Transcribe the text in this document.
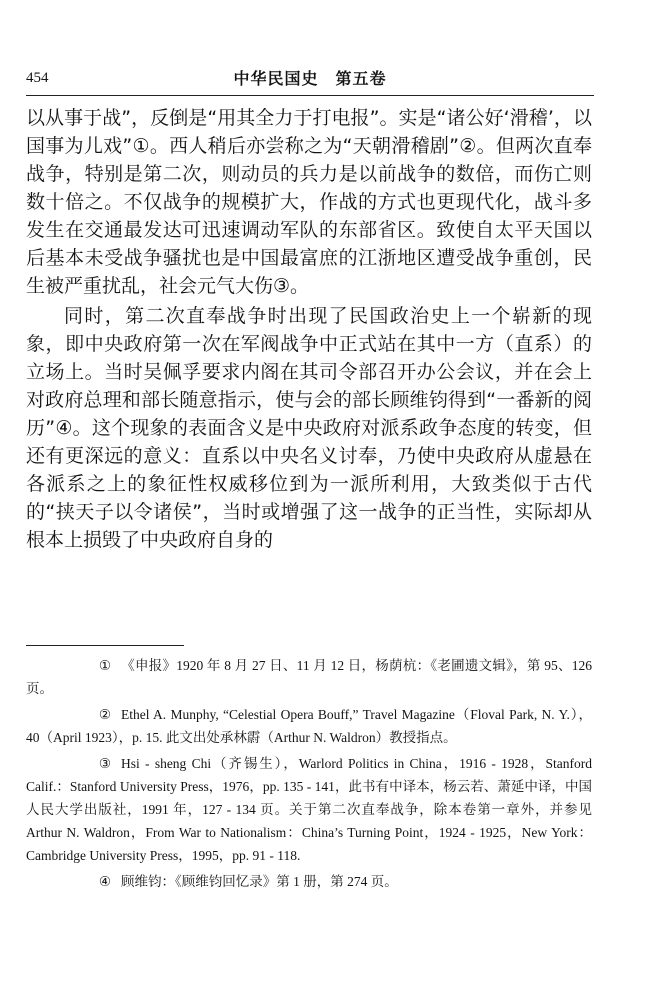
454	中华民国史　第五卷

以从事于战”，反倒是“用其全力于打电报”。实是“诸公好‘滑稽’，以国事为儿戏”①。西人稍后亦尝称之为“天朝滑稽剧”②。但两次直奉战争，特别是第二次，则动员的兵力是以前战争的数倍，而伤亡则数十倍之。不仅战争的规模扩大，作战的方式也更现代化，战斗多发生在交通最发达可迅速调动军队的东部省区。致使自太平天国以后基本未受战争骚扰也是中国最富庶的江浙地区遭受战争重创，民生被严重扰乱，社会元气大伤③。

同时，第二次直奉战争时出现了民国政治史上一个崭新的现象，即中央政府第一次在军阀战争中正式站在其中一方（直系）的立场上。当时吴佩孚要求内阁在其司令部召开办公会议，并在会上对政府总理和部长随意指示，使与会的部长顾维钧得到“一番新的阅历”④。这个现象的表面含义是中央政府对派系政争态度的转变，但还有更深远的意义：直系以中央名义讨奉，乃使中央政府从虚悬在各派系之上的象征性权威移位到为一派所利用，大致类似于古代的“挟天子以令诸侯”，当时或增强了这一战争的正当性，实际却从根本上损毁了中央政府自身的

① 《申报》1920 年 8 月 27 日、11 月 12 日，杨荫杭：《老圃遗文辑》，第 95、126 页。

② Ethel A. Munphy, “Celestial Opera Bouff,” Travel Magazine（Floval Park, N. Y.），40（April 1923），p. 15. 此文出处承林霨（Arthur N. Waldron）教授指点。

③ Hsi - sheng Chi（齐锡生），Warlord Politics in China，1916 - 1928，Stanford Calif.：Stanford University Press，1976，pp. 135 - 141，此书有中译本，杨云若、萧延中译，中国人民大学出版社，1991 年，127 - 134 页。关于第二次直奉战争，除本卷第一章外，并参见 Arthur N. Waldron，From War to Nationalism：China’s Turning Point，1924 - 1925，New York：Cambridge University Press，1995，pp. 91 - 118.

④ 顾维钧：《顾维钧回忆录》第 1 册，第 274 页。
